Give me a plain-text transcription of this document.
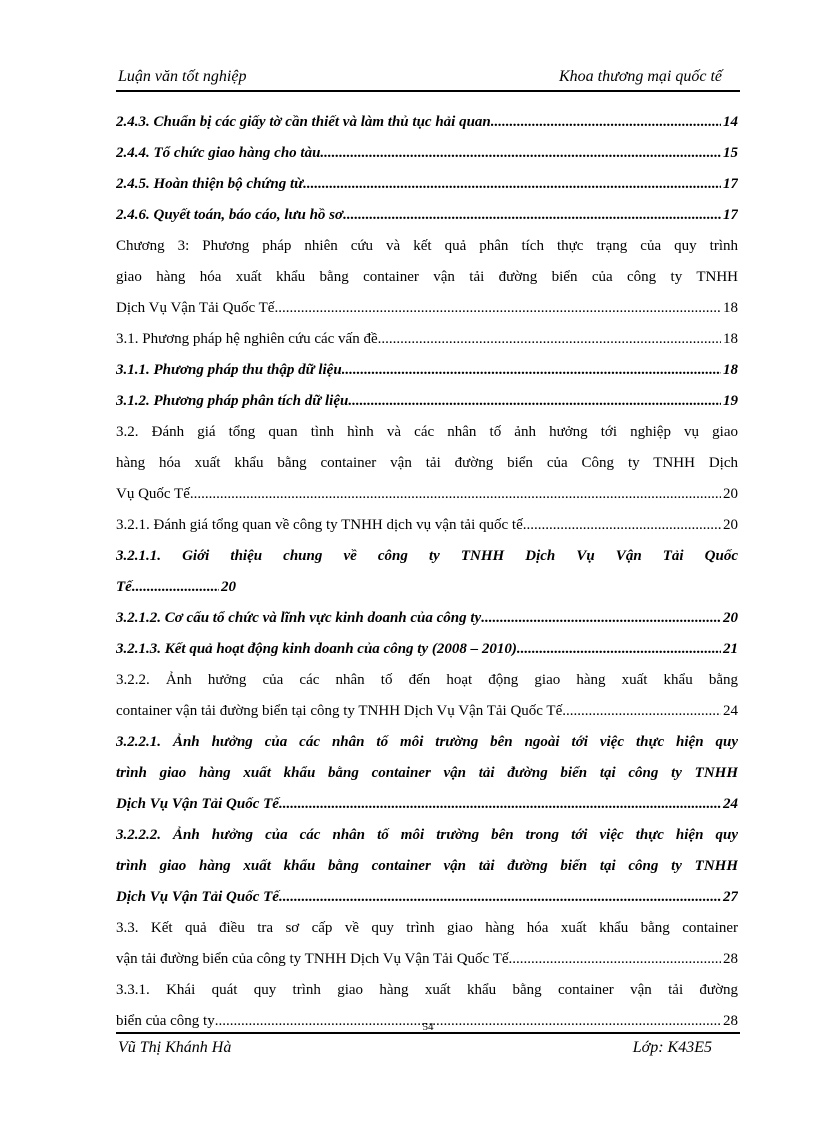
Luận văn tốt nghiệp	Khoa thương mại quốc tế
2.4.3. Chuẩn bị các giấy tờ cần thiết và làm thủ tục hải quan .....	14
2.4.4. Tổ chức giao hàng cho tàu .....	15
2.4.5. Hoàn thiện bộ chứng từ .....	17
2.4.6. Quyết toán, báo cáo, lưu hồ sơ .....	17
Chương 3: Phương pháp nhiên cứu và kết quả phân tích thực trạng của quy trình
giao hàng hóa xuất khẩu bằng container vận tải đường biển của công ty TNHH
Dịch Vụ Vận Tải Quốc Tế .....	18
3.1. Phương pháp hệ nghiên cứu các vấn đề .....	18
3.1.1. Phương pháp thu thập dữ liệu .....	18
3.1.2. Phương pháp phân tích dữ liệu .....	19
3.2. Đánh giá tổng quan tình hình và các nhân tố ảnh hưởng tới nghiệp vụ giao
hàng hóa xuất khẩu bằng container vận tải đường biển của Công ty TNHH Dịch
Vụ Quốc Tế .....	20
3.2.1. Đánh giá tổng quan về công ty TNHH dịch vụ vận tải quốc tế .....	20
3.2.1.1. Giới thiệu chung về công ty TNHH Dịch Vụ Vận Tải Quốc
Tế .....	20
3.2.1.2. Cơ cấu tổ chức và lĩnh vực kinh doanh của công ty .....	20
3.2.1.3. Kết quả hoạt động kinh doanh của công ty (2008 – 2010) .....	21
3.2.2. Ảnh hưởng của các nhân tố đến hoạt động giao hàng xuất khẩu bằng
container vận tải đường biển tại công ty TNHH Dịch Vụ Vận Tải Quốc Tế .....	24
3.2.2.1. Ảnh hưởng của các nhân tố môi trường bên ngoài tới việc thực hiện quy
trình giao hàng xuất khẩu bằng container vận tải đường biển tại công ty TNHH
Dịch Vụ Vận Tải Quốc Tế .....	24
3.2.2.2. Ảnh hưởng của các nhân tố môi trường bên trong tới việc thực hiện quy
trình giao hàng xuất khẩu bằng container vận tải đường biển tại công ty TNHH
Dịch Vụ Vận Tải Quốc Tế .....	27
3.3. Kết quả điều tra sơ cấp về quy trình giao hàng hóa xuất khẩu bằng container
vận tải đường biển của công ty TNHH Dịch Vụ Vận Tải Quốc Tế .....	28
3.3.1. Khái quát quy trình giao hàng xuất khẩu bằng container vận tải đường
biển của công ty .....	28
54
Vũ Thị Khánh Hà	Lớp: K43E5
